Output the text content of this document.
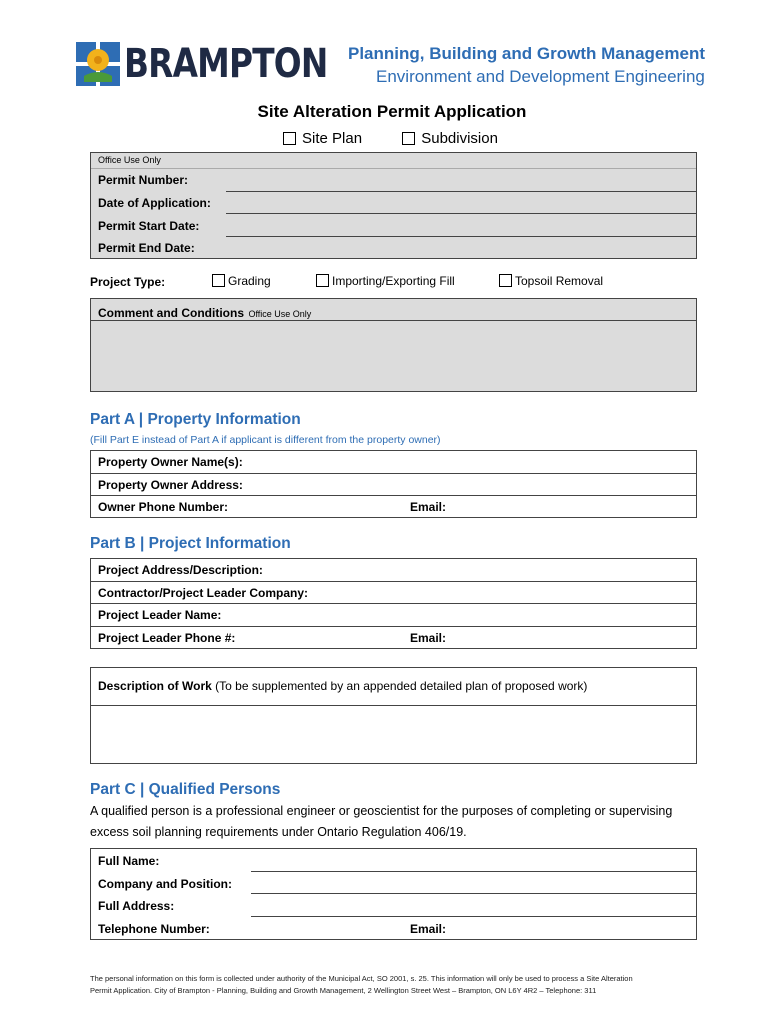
BRAMPTON Planning, Building and Growth Management
Environment and Development Engineering
Site Alteration Permit Application
Site Plan	Subdivision
Office Use Only
Permit Number:
Date of Application:
Permit Start Date:
Permit End Date:
Project Type:	Grading	Importing/Exporting Fill	Topsoil Removal
Comment and Conditions Office Use Only
Part A | Property Information
(Fill Part E instead of Part A if applicant is different from the property owner)
Property Owner Name(s):
Property Owner Address:
Owner Phone Number:	Email:
Part B | Project Information
Project Address/Description:
Contractor/Project Leader Company:
Project Leader Name:
Project Leader Phone #:	Email:
Description of Work (To be supplemented by an appended detailed plan of proposed work)
Part C | Qualified Persons
A qualified person is a professional engineer or geoscientist for the purposes of completing or supervising
excess soil planning requirements under Ontario Regulation 406/19.
Full Name:
Company and Position:
Full Address:
Telephone Number:	Email:
The personal information on this form is collected under authority of the Municipal Act, SO 2001, s. 25. This information will only be used to process a Site Alteration
Permit Application. City of Brampton - Planning, Building and Growth Management, 2 Wellington Street West – Brampton, ON L6Y 4R2 – Telephone: 311
